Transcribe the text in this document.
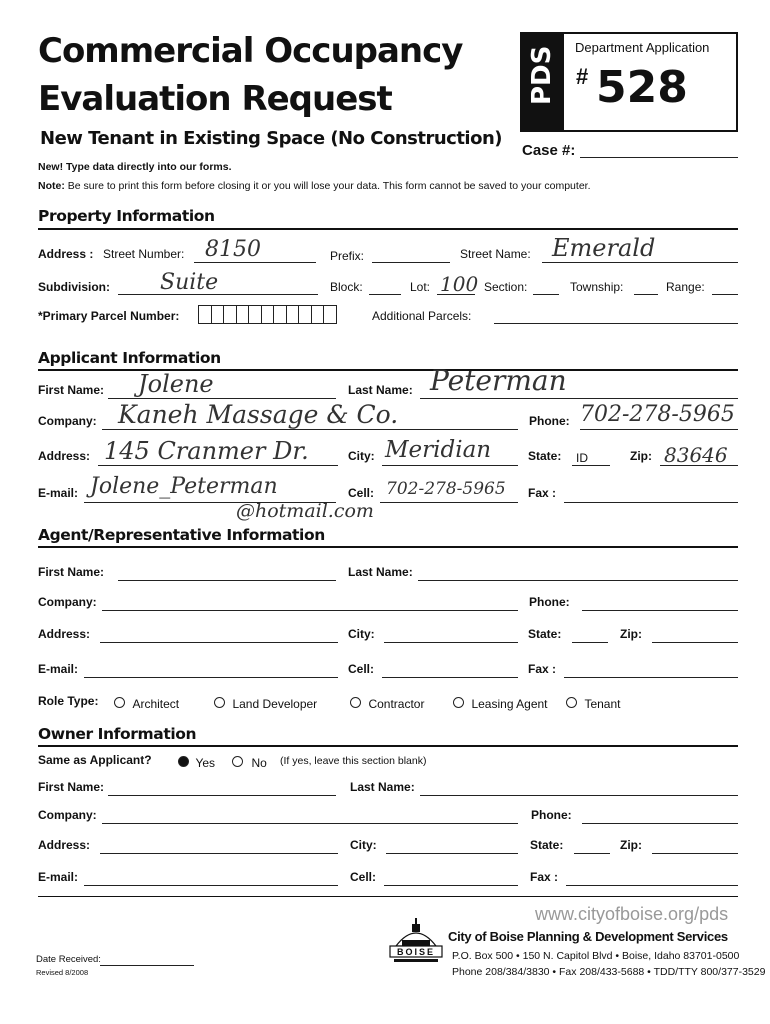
Commercial Occupancy
Evaluation Request
New Tenant in Existing Space (No Construction)
PDS Department Application
# 528
Case #:
New! Type data directly into our forms.
Note: Be sure to print this form before closing it or you will lose your data. This form cannot be saved to your computer.
Property Information
Address : Street Number: 8150	Prefix:	Street Name: Emerald
Subdivision: Suite	Block:	Lot: 100 Section:	Township:	Range:
*Primary Parcel Number:	Additional Parcels:
Applicant Information
First Name: Jolene	Last Name: Peterman
Company: Kaneh Massage & Co.	Phone: 702-278-5965
Address: 145 Cranmer Dr.	City: Meridian	State: ID	Zip: 83646
E-mail: Jolene_Peterman
@hotmail.com
Cell: 702-278-5965 Fax :
Agent/Representative Information
First Name:	Last Name:
Company:	Phone:
Address:	City:	State:	Zip:
E-mail:	Cell:	Fax :
Role Type:	Architect	Land Developer	Contractor	Leasing Agent	Tenant
Owner Information
Same as Applicant?	Yes	No (If yes, leave this section blank)
First Name:	Last Name:
Company:	Phone:
Address:	City:	State:	Zip:
E-mail:	Cell:	Fax :
www.cityofboise.org/pds
BOISE
City of Boise Planning & Development Services
P.O. Box 500 • 150 N. Capitol Blvd • Boise, Idaho 83701-0500
Phone 208/384/3830 • Fax 208/433-5688 • TDD/TTY 800/377-3529
Date Received:
Revised 8/2008
